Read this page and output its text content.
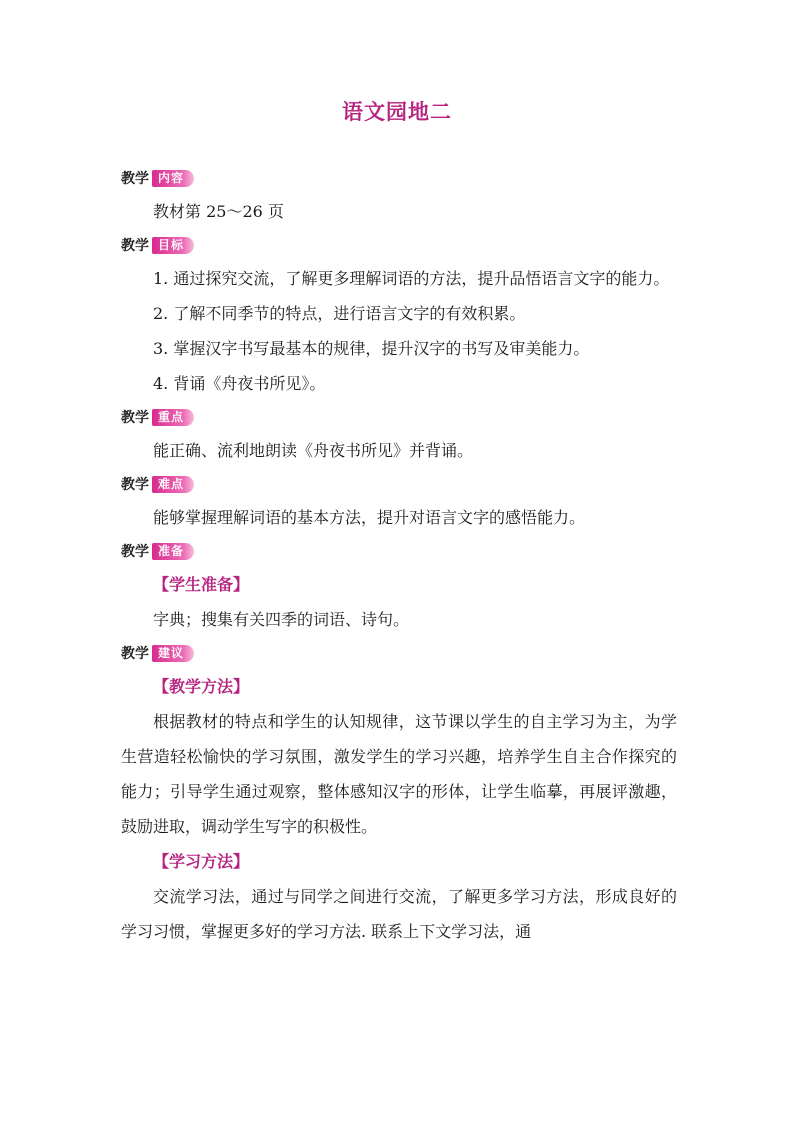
语文园地二
教学 内容

教材第 25～26 页

教学 目标

1. 通过探究交流，了解更多理解词语的方法，提升品悟语言文字的能力。

2. 了解不同季节的特点，进行语言文字的有效积累。

3. 掌握汉字书写最基本的规律，提升汉字的书写及审美能力。

4. 背诵《舟夜书所见》。

教学 重点

能正确、流利地朗读《舟夜书所见》并背诵。

教学 难点

能够掌握理解词语的基本方法，提升对语言文字的感悟能力。

教学 准备

【学生准备】

字典；搜集有关四季的词语、诗句。

教学 建议

【教学方法】

根据教材的特点和学生的认知规律，这节课以学生的自主学习为主，为学生营造轻松愉快的学习氛围，激发学生的学习兴趣，培养学生自主合作探究的能力；引导学生通过观察，整体感知汉字的形体，让学生临摹，再展评激趣，鼓励进取，调动学生写字的积极性。

【学习方法】

交流学习法，通过与同学之间进行交流，了解更多学习方法，形成良好的学习习惯，掌握更多好的学习方法. 联系上下文学习法，通
